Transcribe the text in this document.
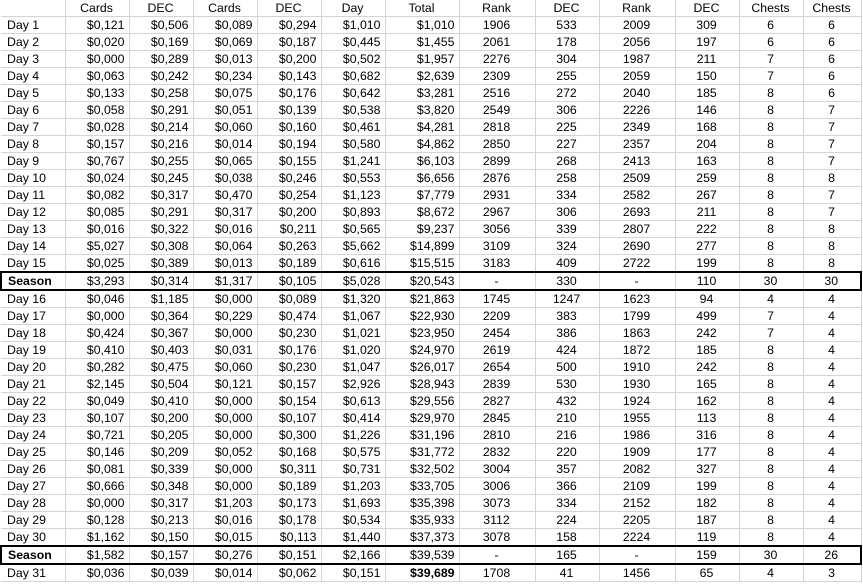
	Cards	DEC	Cards	DEC	Day	Total	Rank	DEC	Rank	DEC	Chests	Chests
Day 1	$0,121	$0,506	$0,089	$0,294	$1,010	$1,010	1906	533	2009	309	6	6
Day 2	$0,020	$0,169	$0,069	$0,187	$0,445	$1,455	2061	178	2056	197	6	6
Day 3	$0,000	$0,289	$0,013	$0,200	$0,502	$1,957	2276	304	1987	211	7	6
Day 4	$0,063	$0,242	$0,234	$0,143	$0,682	$2,639	2309	255	2059	150	7	6
Day 5	$0,133	$0,258	$0,075	$0,176	$0,642	$3,281	2516	272	2040	185	8	6
Day 6	$0,058	$0,291	$0,051	$0,139	$0,538	$3,820	2549	306	2226	146	8	7
Day 7	$0,028	$0,214	$0,060	$0,160	$0,461	$4,281	2818	225	2349	168	8	7
Day 8	$0,157	$0,216	$0,014	$0,194	$0,580	$4,862	2850	227	2357	204	8	7
Day 9	$0,767	$0,255	$0,065	$0,155	$1,241	$6,103	2899	268	2413	163	8	7
Day 10	$0,024	$0,245	$0,038	$0,246	$0,553	$6,656	2876	258	2509	259	8	8
Day 11	$0,082	$0,317	$0,470	$0,254	$1,123	$7,779	2931	334	2582	267	8	7
Day 12	$0,085	$0,291	$0,317	$0,200	$0,893	$8,672	2967	306	2693	211	8	7
Day 13	$0,016	$0,322	$0,016	$0,211	$0,565	$9,237	3056	339	2807	222	8	8
Day 14	$5,027	$0,308	$0,064	$0,263	$5,662	$14,899	3109	324	2690	277	8	8
Day 15	$0,025	$0,389	$0,013	$0,189	$0,616	$15,515	3183	409	2722	199	8	8
Season	$3,293	$0,314	$1,317	$0,105	$5,028	$20,543	-	330	-	110	30	30
Day 16	$0,046	$1,185	$0,000	$0,089	$1,320	$21,863	1745	1247	1623	94	4	4
Day 17	$0,000	$0,364	$0,229	$0,474	$1,067	$22,930	2209	383	1799	499	7	4
Day 18	$0,424	$0,367	$0,000	$0,230	$1,021	$23,950	2454	386	1863	242	7	4
Day 19	$0,410	$0,403	$0,031	$0,176	$1,020	$24,970	2619	424	1872	185	8	4
Day 20	$0,282	$0,475	$0,060	$0,230	$1,047	$26,017	2654	500	1910	242	8	4
Day 21	$2,145	$0,504	$0,121	$0,157	$2,926	$28,943	2839	530	1930	165	8	4
Day 22	$0,049	$0,410	$0,000	$0,154	$0,613	$29,556	2827	432	1924	162	8	4
Day 23	$0,107	$0,200	$0,000	$0,107	$0,414	$29,970	2845	210	1955	113	8	4
Day 24	$0,721	$0,205	$0,000	$0,300	$1,226	$31,196	2810	216	1986	316	8	4
Day 25	$0,146	$0,209	$0,052	$0,168	$0,575	$31,772	2832	220	1909	177	8	4
Day 26	$0,081	$0,339	$0,000	$0,311	$0,731	$32,502	3004	357	2082	327	8	4
Day 27	$0,666	$0,348	$0,000	$0,189	$1,203	$33,705	3006	366	2109	199	8	4
Day 28	$0,000	$0,317	$1,203	$0,173	$1,693	$35,398	3073	334	2152	182	8	4
Day 29	$0,128	$0,213	$0,016	$0,178	$0,534	$35,933	3112	224	2205	187	8	4
Day 30	$1,162	$0,150	$0,015	$0,113	$1,440	$37,373	3078	158	2224	119	8	4
Season	$1,582	$0,157	$0,276	$0,151	$2,166	$39,539	-	165	-	159	30	26
Day 31	$0,036	$0,039	$0,014	$0,062	$0,151	$39,689	1708	41	1456	65	4	3
